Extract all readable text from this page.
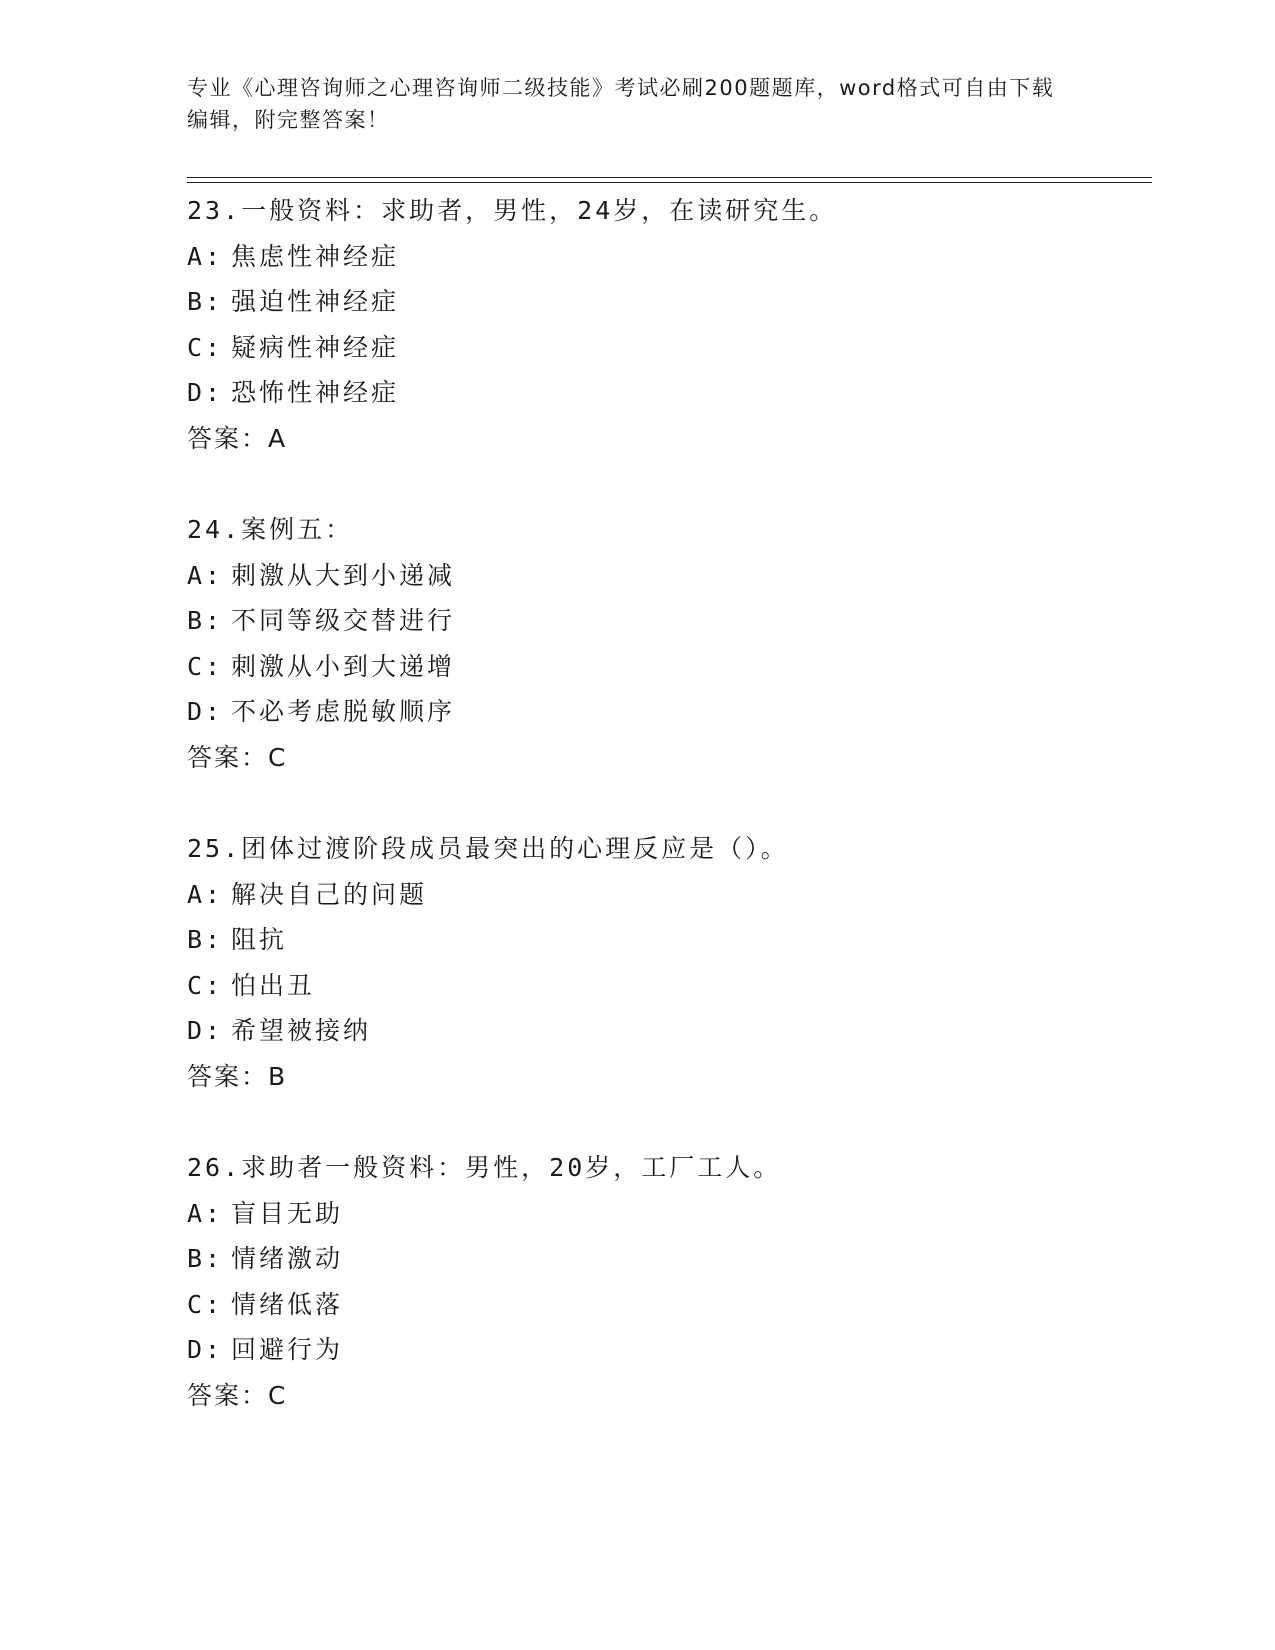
专业《心理咨询师之心理咨询师二级技能》考试必刷200题题库，word格式可自由下载编辑，附完整答案！
23.一般资料：求助者，男性，24岁，在读研究生。
A: 焦虑性神经症
B: 强迫性神经症
C: 疑病性神经症
D: 恐怖性神经症
答案：A
24.案例五：
A: 刺激从大到小递减
B: 不同等级交替进行
C: 刺激从小到大递增
D: 不必考虑脱敏顺序
答案：C
25.团体过渡阶段成员最突出的心理反应是（）。
A: 解决自己的问题
B: 阻抗
C: 怕出丑
D: 希望被接纳
答案：B
26.求助者一般资料：男性，20岁，工厂工人。
A: 盲目无助
B: 情绪激动
C: 情绪低落
D: 回避行为
答案：C
